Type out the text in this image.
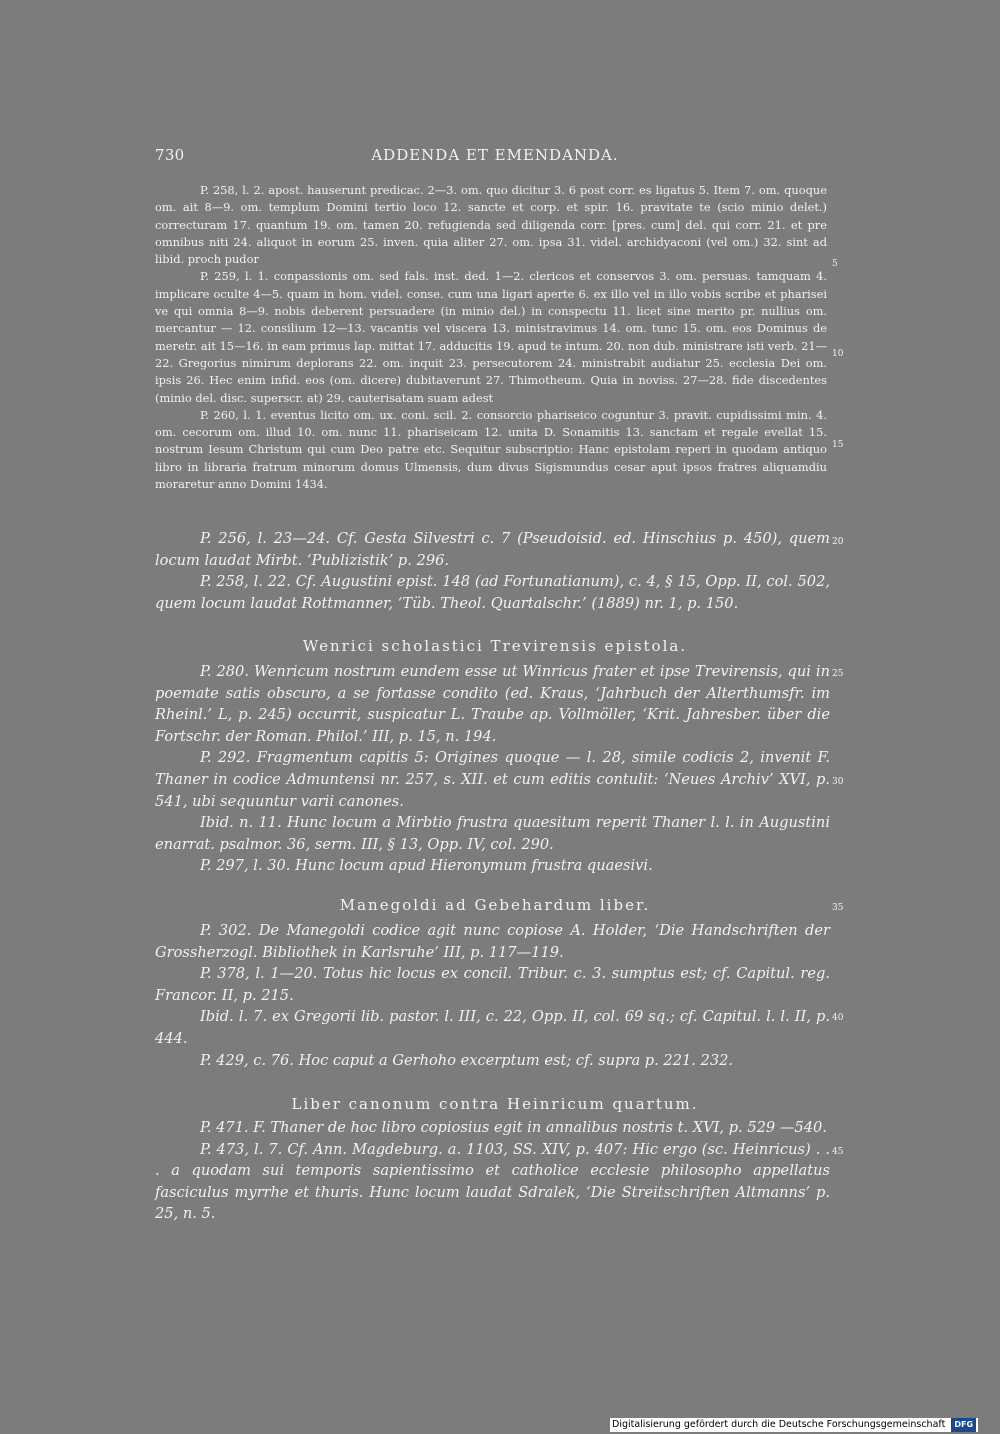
730	ADDENDA ET EMENDANDA.

P. 258, l. 2. apost. hauserunt predicac. 2—3. om. quo dicitur 3. 6 post corr. es ligatus 5. Item 7. om. quoque om. ait 8—9. om. templum Domini tertio loco 12. sancte et corp. et spir. 16. pravitate te (scio minio delet.) correcturam 17. quantum 19. om. tamen 20. refugienda sed diligenda corr. [pres. cum] del. qui corr. 21. et pre omnibus niti 24. aliquot in eorum 25. inven. quia aliter 27. om. ipsa 31. videl. archidyaconi (vel om.) 32. sint ad libid. proch pudor

P. 259, l. 1. conpassionis om. sed fals. inst. ded. 1—2. clericos et conservos 3. om. persuas. tamquam 4. implicare oculte 4—5. quam in hom. videl. conse. cum una ligari aperte 6. ex illo vel in illo vobis scribe et pharisei ve qui omnia 8—9. nobis deberent persuadere (in minio del.) in conspectu 11. licet sine merito pr. nullius om. mercantur — 12. consilium 12—13. vacantis vel viscera 13. ministravimus 14. om. tunc 15. om. eos Dominus de meretr. ait 15—16. in eam primus lap. mittat 17. adducitis 19. apud te intum. 20. non dub. ministrare isti verb. 21—22. Gregorius nimirum deplorans 22. om. inquit 23. persecutorem 24. ministrabit audiatur 25. ecclesia Dei om. ipsis 26. Hec enim infid. eos (om. dicere) dubitaverunt 27. Thimotheum. Quia in noviss. 27—28. fide discedentes (minio del. disc. superscr. at) 29. cauterisatam suam adest

P. 260, l. 1. eventus licito om. ux. coni. scil. 2. consorcio phariseico coguntur 3. pravit. cupidissimi min. 4. om. cecorum om. illud 10. om. nunc 11. phariseicam 12. unita D. Sonamitis 13. sanctam et regale evellat 15. nostrum Iesum Christum qui cum Deo patre etc. Sequitur subscriptio: Hanc epistolam reperi in quodam antiquo libro in libraria fratrum minorum domus Ulmensis, dum divus Sigismundus cesar aput ipsos fratres aliquamdiu moraretur anno Domini 1434.

P. 256, l. 23—24. Cf. Gesta Silvestri c. 7 (Pseudoisid. ed. Hinschius p. 450), quem locum laudat Mirbt. ‘Publizistik’ p. 296.

P. 258, l. 22. Cf. Augustini epist. 148 (ad Fortunatianum), c. 4, § 15, Opp. II, col. 502, quem locum laudat Rottmanner, ‘Tüb. Theol. Quartalschr.’ (1889) nr. 1, p. 150.

Wenrici scholastici Trevirensis epistola.

P. 280. Wenricum nostrum eundem esse ut Winricus frater et ipse Trevirensis, qui in poemate satis obscuro, a se fortasse condito (ed. Kraus, ‘Jahrbuch der Alterthumsfr. im Rheinl.’ L, p. 245) occurrit, suspicatur L. Traube ap. Vollmöller, ‘Krit. Jahresber. über die Fortschr. der Roman. Philol.’ III, p. 15, n. 194.

P. 292. Fragmentum capitis 5: Origines quoque — l. 28, simile codicis 2, invenit F. Thaner in codice Admuntensi nr. 257, s. XII. et cum editis contulit: ‘Neues Archiv’ XVI, p. 541, ubi sequuntur varii canones.

Ibid. n. 11. Hunc locum a Mirbtio frustra quaesitum reperit Thaner l. l. in Augustini enarrat. psalmor. 36, serm. III, § 13, Opp. IV, col. 290.

P. 297, l. 30. Hunc locum apud Hieronymum frustra quaesivi.

Manegoldi ad Gebehardum liber.

P. 302. De Manegoldi codice agit nunc copiose A. Holder, ‘Die Handschriften der Grossherzogl. Bibliothek in Karlsruhe’ III, p. 117—119.

P. 378, l. 1—20. Totus hic locus ex concil. Tribur. c. 3. sumptus est; cf. Capitul. reg. Francor. II, p. 215.

Ibid. l. 7. ex Gregorii lib. pastor. l. III, c. 22, Opp. II, col. 69 sq.; cf. Capitul. l. l. II, p. 444.

P. 429, c. 76. Hoc caput a Gerhoho excerptum est; cf. supra p. 221. 232.

Liber canonum contra Heinricum quartum.

P. 471. F. Thaner de hoc libro copiosius egit in annalibus nostris t. XVI, p. 529 —540.

P. 473, l. 7. Cf. Ann. Magdeburg. a. 1103, SS. XIV, p. 407: Hic ergo (sc. Heinricus) . . . a quodam sui temporis sapientissimo et catholice ecclesie philosopho appellatus fasciculus myrrhe et thuris. Hunc locum laudat Sdralek, ‘Die Streitschriften Altmanns’ p. 25, n. 5.

5
10
15
20
25
30
35
40
45
Digitalisierung gefördert durch die Deutsche Forschungsgemeinschaft DFG
